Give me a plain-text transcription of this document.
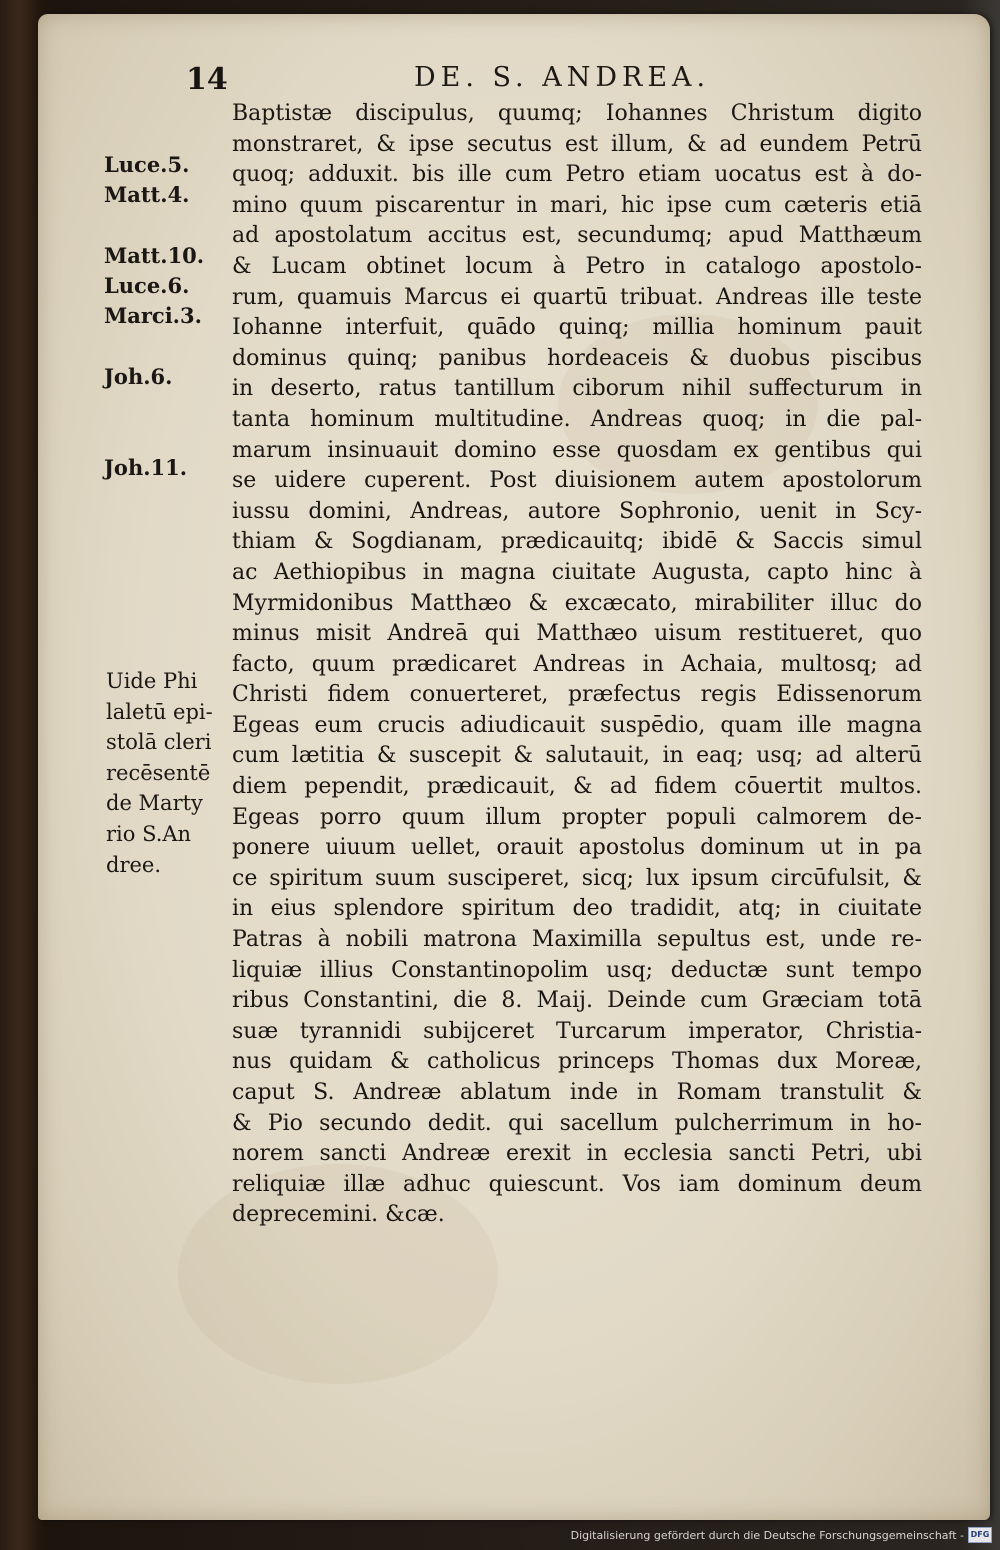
14	DE. S. ANDREA.
Luce.5.
Matt.4.
Matt.10.
Luce.6.
Marci.3.
Joh.6.
Joh.11.
Uide Phi
laletū epi-
stolā cleri
recēsentē
de Marty
rio S.An
dree.
Baptistæ discipulus, quumq; Iohannes Christum digito
monstraret, & ipse secutus est illum, & ad eundem Petrū
quoq; adduxit. bis ille cum Petro etiam uocatus est à do-
mino quum piscarentur in mari, hic ipse cum cæteris etiā
ad apostolatum accitus est, secundumq; apud Matthæum
& Lucam obtinet locum à Petro in catalogo apostolo-
rum, quamuis Marcus ei quartū tribuat. Andreas ille teste
Iohanne interfuit, quādo quinq; millia hominum pauit
dominus quinq; panibus hordeaceis & duobus piscibus
in deserto, ratus tantillum ciborum nihil suffecturum in
tanta hominum multitudine. Andreas quoq; in die pal-
marum insinuauit domino esse quosdam ex gentibus qui
se uidere cuperent. Post diuisionem autem apostolorum
iussu domini, Andreas, autore Sophronio, uenit in Scy-
thiam & Sogdianam, prædicauitq; ibidē & Saccis simul
ac Aethiopibus in magna ciuitate Augusta, capto hinc à
Myrmidonibus Matthæo & excæcato, mirabiliter illuc do
minus misit Andreā qui Matthæo uisum restitueret, quo
facto, quum prædicaret Andreas in Achaia, multosq; ad
Christi fidem conuerteret, præfectus regis Edissenorum
Egeas eum crucis adiudicauit suspēdio, quam ille magna
cum lætitia & suscepit & salutauit, in eaq; usq; ad alterū
diem pependit, prædicauit, & ad fidem cōuertit multos.
Egeas porro quum illum propter populi calmorem de-
ponere uiuum uellet, orauit apostolus dominum ut in pa
ce spiritum suum susciperet, sicq; lux ipsum circūfulsit, &
in eius splendore spiritum deo tradidit, atq; in ciuitate
Patras à nobili matrona Maximilla sepultus est, unde re-
liquiæ illius Constantinopolim usq; deductæ sunt tempo
ribus Constantini, die 8. Maij. Deinde cum Græciam totā
suæ tyrannidi subijceret Turcarum imperator, Christia-
nus quidam & catholicus princeps Thomas dux Moreæ,
caput S. Andreæ ablatum inde in Romam transtulit &
& Pio secundo dedit. qui sacellum pulcherrimum in ho-
norem sancti Andreæ erexit in ecclesia sancti Petri, ubi
reliquiæ illæ adhuc quiescunt. Vos iam dominum deum
deprecemini. &cæ.
Digitalisierung gefördert durch die Deutsche Forschungsgemeinschaft - DFG
